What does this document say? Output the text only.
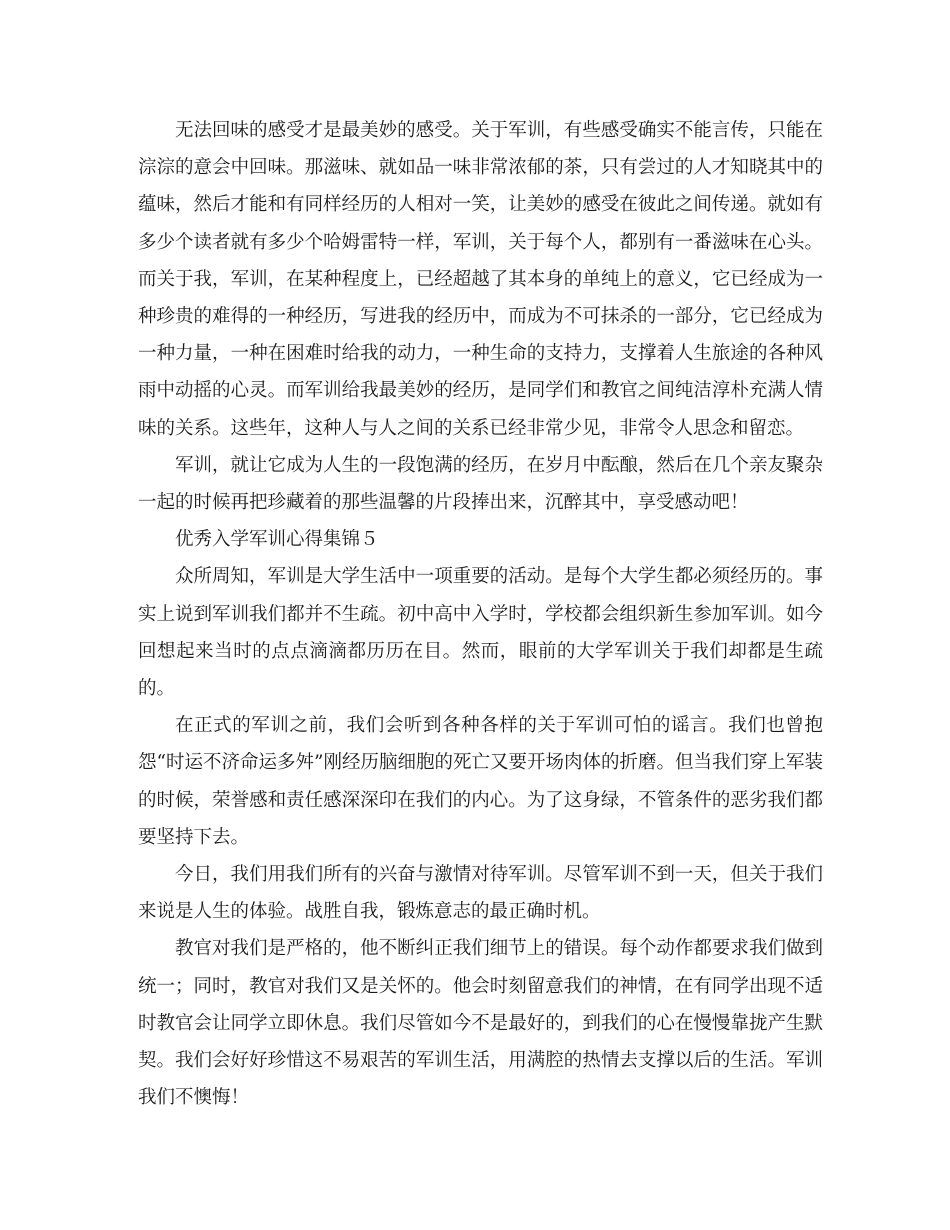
无法回味的感受才是最美妙的感受。关于军训，有些感受确实不能言传，只能在淙淙的意会中回味。那滋味、就如品一味非常浓郁的茶，只有尝过的人才知晓其中的蕴味，然后才能和有同样经历的人相对一笑，让美妙的感受在彼此之间传递。就如有多少个读者就有多少个哈姆雷特一样，军训，关于每个人，都别有一番滋味在心头。而关于我，军训，在某种程度上，已经超越了其本身的单纯上的意义，它已经成为一种珍贵的难得的一种经历，写进我的经历中，而成为不可抹杀的一部分，它已经成为一种力量，一种在困难时给我的动力，一种生命的支持力，支撑着人生旅途的各种风雨中动摇的心灵。而军训给我最美妙的经历，是同学们和教官之间纯洁淳朴充满人情味的关系。这些年，这种人与人之间的关系已经非常少见，非常令人思念和留恋。

军训，就让它成为人生的一段饱满的经历，在岁月中酝酿，然后在几个亲友聚杂一起的时候再把珍藏着的那些温馨的片段捧出来，沉醉其中，享受感动吧！

优秀入学军训心得集锦５

众所周知，军训是大学生活中一项重要的活动。是每个大学生都必须经历的。事实上说到军训我们都并不生疏。初中高中入学时，学校都会组织新生参加军训。如今回想起来当时的点点滴滴都历历在目。然而，眼前的大学军训关于我们却都是生疏的。

在正式的军训之前，我们会听到各种各样的关于军训可怕的谣言。我们也曾抱怨“时运不济命运多舛”刚经历脑细胞的死亡又要开场肉体的折磨。但当我们穿上军装的时候，荣誉感和责任感深深印在我们的内心。为了这身绿，不管条件的恶劣我们都要坚持下去。

今日，我们用我们所有的兴奋与激情对待军训。尽管军训不到一天，但关于我们来说是人生的体验。战胜自我，锻炼意志的最正确时机。

教官对我们是严格的，他不断纠正我们细节上的错误。每个动作都要求我们做到统一；同时，教官对我们又是关怀的。他会时刻留意我们的神情，在有同学出现不适时教官会让同学立即休息。我们尽管如今不是最好的，到我们的心在慢慢靠拢产生默契。我们会好好珍惜这不易艰苦的军训生活，用满腔的热情去支撑以后的生活。军训我们不懊悔！
